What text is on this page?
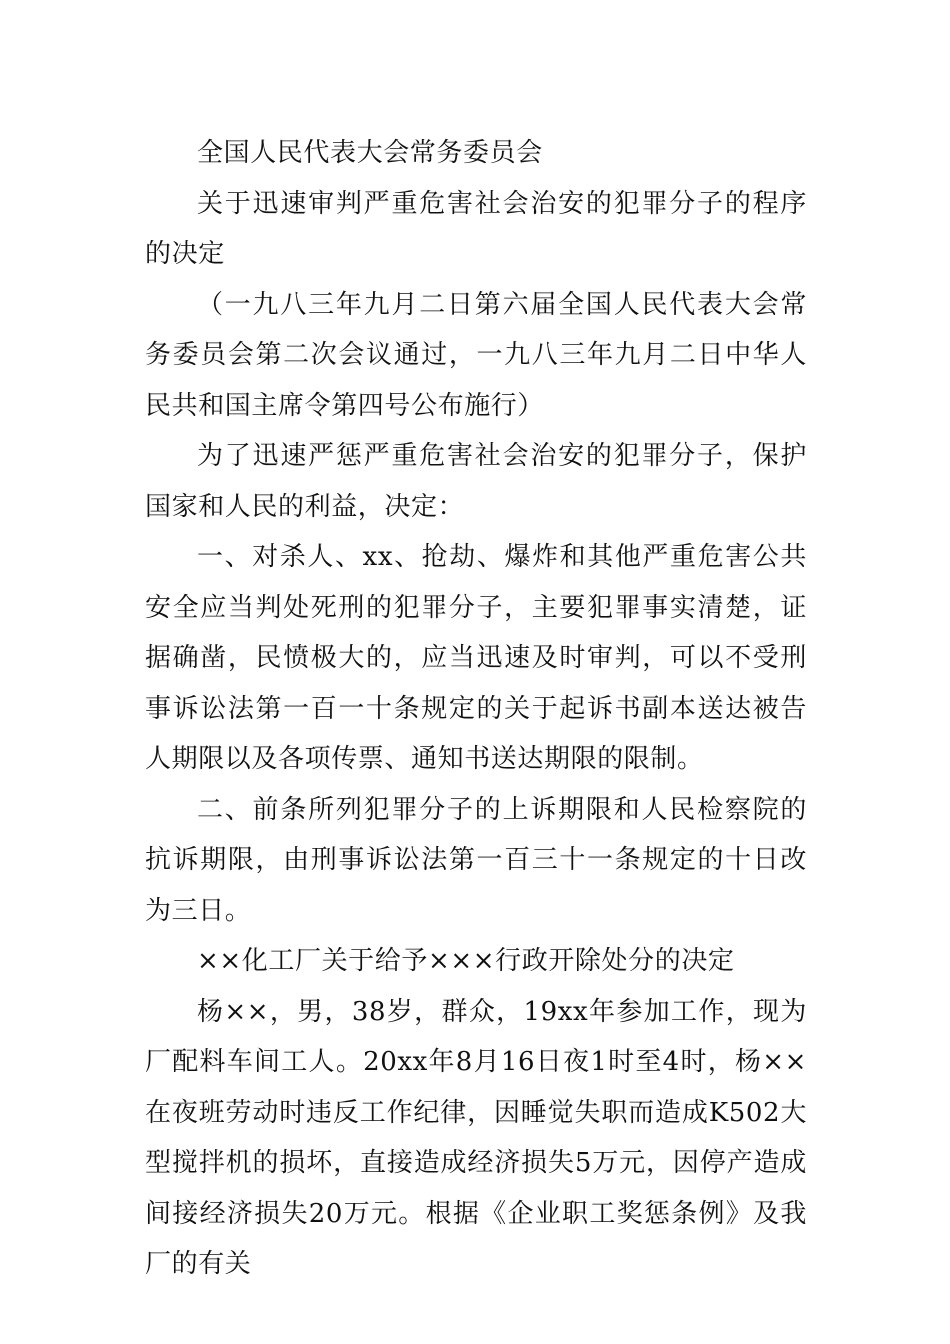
全国人民代表大会常务委员会

关于迅速审判严重危害社会治安的犯罪分子的程序的决定

（一九八三年九月二日第六届全国人民代表大会常务委员会第二次会议通过，一九八三年九月二日中华人民共和国主席令第四号公布施行）

为了迅速严惩严重危害社会治安的犯罪分子，保护国家和人民的利益，决定：

一、对杀人、xx、抢劫、爆炸和其他严重危害公共安全应当判处死刑的犯罪分子，主要犯罪事实清楚，证据确凿，民愤极大的，应当迅速及时审判，可以不受刑事诉讼法第一百一十条规定的关于起诉书副本送达被告人期限以及各项传票、通知书送达期限的限制。

二、前条所列犯罪分子的上诉期限和人民检察院的抗诉期限，由刑事诉讼法第一百三十一条规定的十日改为三日。

××化工厂关于给予×××行政开除处分的决定

杨××，男，38岁，群众，19xx年参加工作，现为厂配料车间工人。20xx年8月16日夜1时至4时，杨××在夜班劳动时违反工作纪律，因睡觉失职而造成K502大型搅拌机的损坏，直接造成经济损失5万元，因停产造成间接经济损失20万元。根据《企业职工奖惩条例》及我厂的有关
